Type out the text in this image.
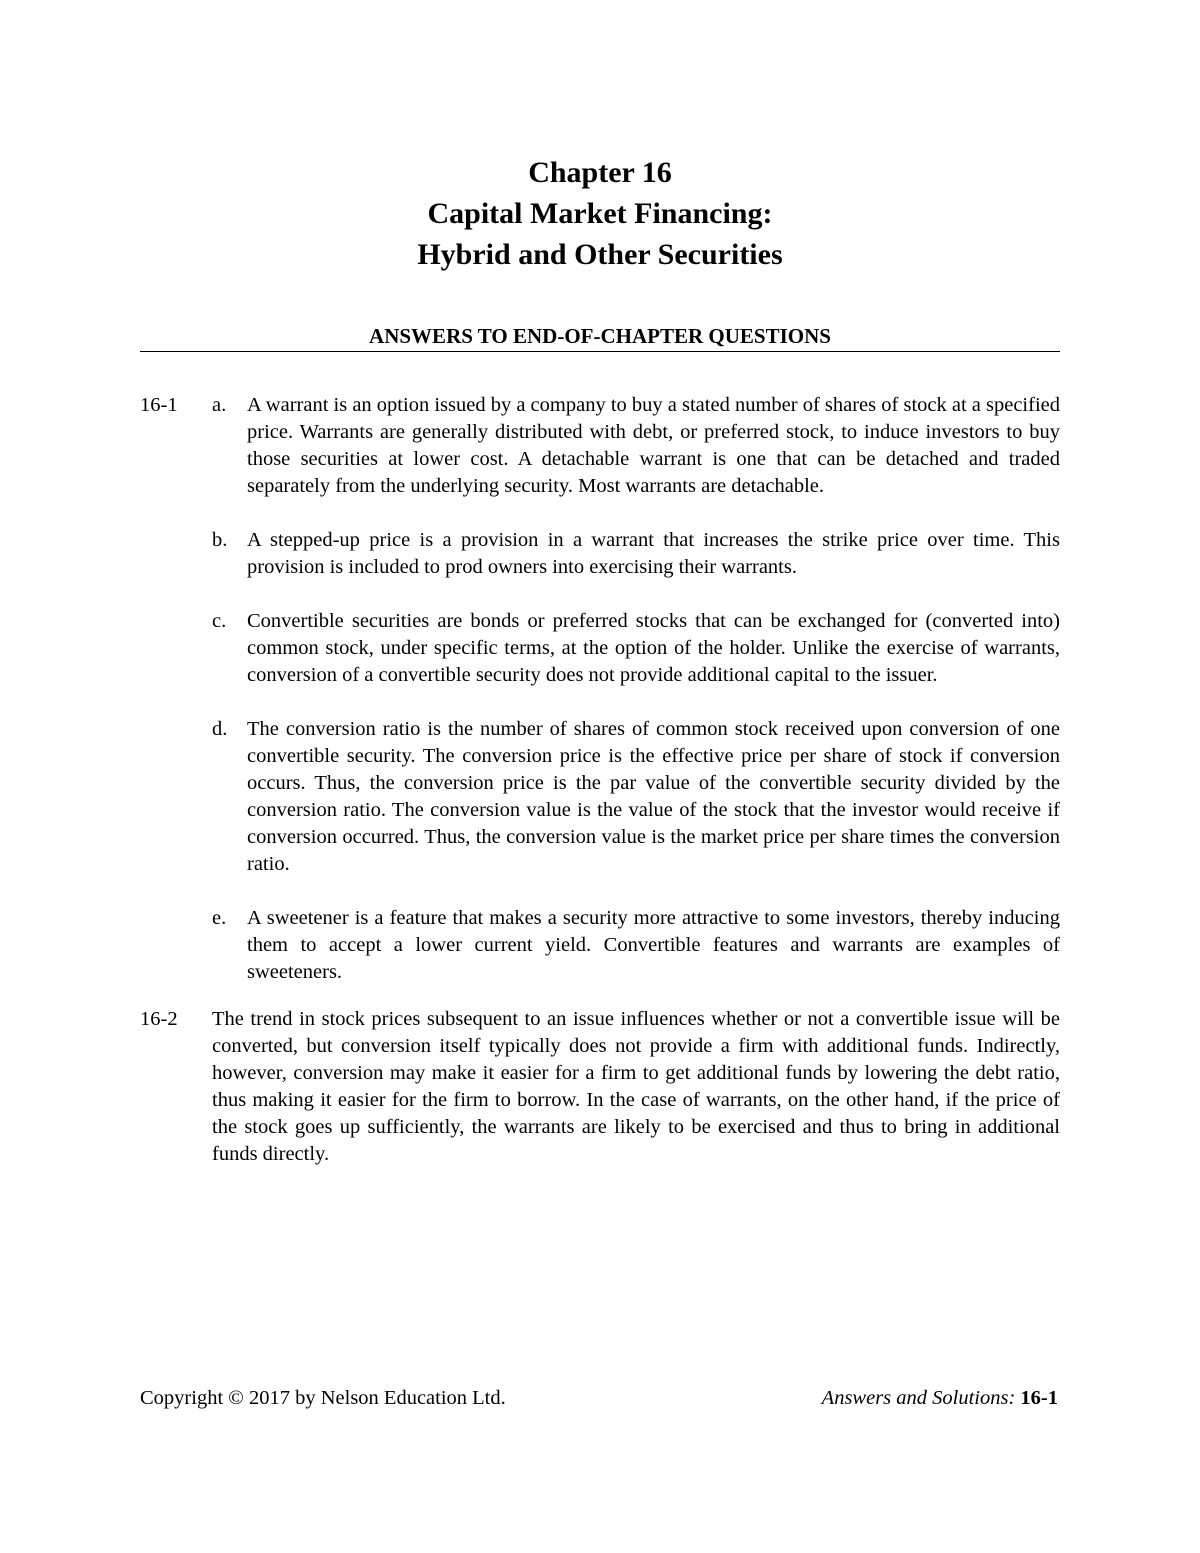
Chapter 16
Capital Market Financing:
Hybrid and Other Securities
ANSWERS TO END-OF-CHAPTER QUESTIONS
16-1 a. A warrant is an option issued by a company to buy a stated number of shares of stock at a specified price. Warrants are generally distributed with debt, or preferred stock, to induce investors to buy those securities at lower cost. A detachable warrant is one that can be detached and traded separately from the underlying security. Most warrants are detachable.

b. A stepped-up price is a provision in a warrant that increases the strike price over time. This provision is included to prod owners into exercising their warrants.

c. Convertible securities are bonds or preferred stocks that can be exchanged for (converted into) common stock, under specific terms, at the option of the holder. Unlike the exercise of warrants, conversion of a convertible security does not provide additional capital to the issuer.

d. The conversion ratio is the number of shares of common stock received upon conversion of one convertible security. The conversion price is the effective price per share of stock if conversion occurs. Thus, the conversion price is the par value of the convertible security divided by the conversion ratio. The conversion value is the value of the stock that the investor would receive if conversion occurred. Thus, the conversion value is the market price per share times the conversion ratio.

e. A sweetener is a feature that makes a security more attractive to some investors, thereby inducing them to accept a lower current yield. Convertible features and warrants are examples of sweeteners.

16-2 The trend in stock prices subsequent to an issue influences whether or not a convertible issue will be converted, but conversion itself typically does not provide a firm with additional funds. Indirectly, however, conversion may make it easier for a firm to get additional funds by lowering the debt ratio, thus making it easier for the firm to borrow. In the case of warrants, on the other hand, if the price of the stock goes up sufficiently, the warrants are likely to be exercised and thus to bring in additional funds directly.

Copyright © 2017 by Nelson Education Ltd.	Answers and Solutions: 16-1
